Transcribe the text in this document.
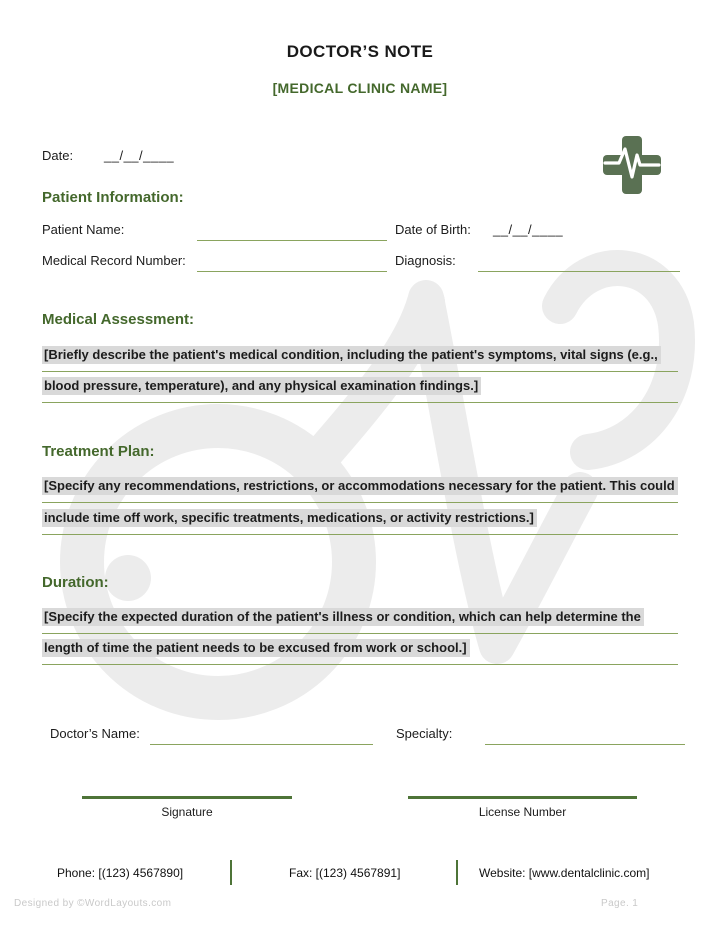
DOCTOR’S NOTE
[MEDICAL CLINIC NAME]
Date: __/__/____
Patient Information:
Patient Name:	Date of Birth: __/__/____
Medical Record Number:	Diagnosis:
Medical Assessment:
[Briefly describe the patient's medical condition, including the patient's symptoms, vital signs (e.g.,
blood pressure, temperature), and any physical examination findings.]
Treatment Plan:
[Specify any recommendations, restrictions, or accommodations necessary for the patient. This could
include time off work, specific treatments, medications, or activity restrictions.]
Duration:
[Specify the expected duration of the patient's illness or condition, which can help determine the
length of time the patient needs to be excused from work or school.]
Doctor’s Name:	Specialty:
Signature	License Number
Phone: [(123) 4567890]	Fax: [(123) 4567891]	Website: [www.dentalclinic.com]
Designed by ©WordLayouts.com	Page. 1
